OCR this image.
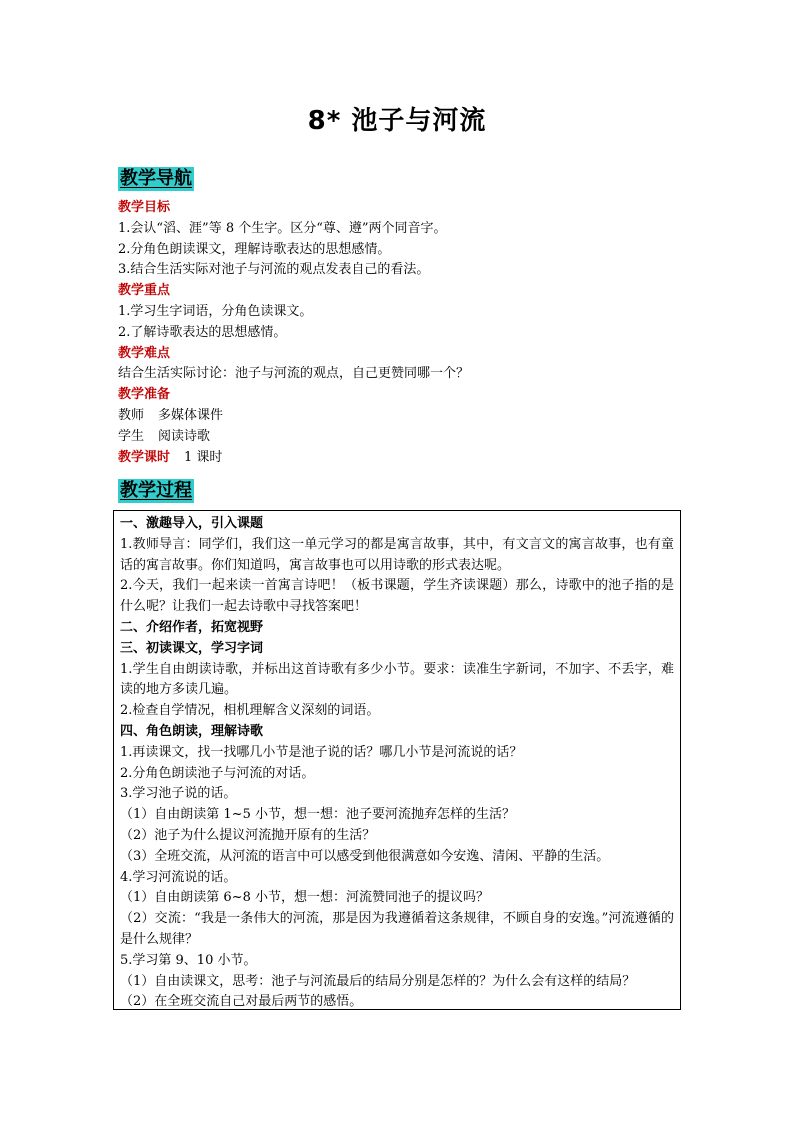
8* 池子与河流
教学导航
教学目标
1.会认“滔、涯”等 8 个生字。区分“尊、遵”两个同音字。
2.分角色朗读课文，理解诗歌表达的思想感情。
3.结合生活实际对池子与河流的观点发表自己的看法。
教学重点
1.学习生字词语，分角色读课文。
2.了解诗歌表达的思想感情。
教学难点
结合生活实际讨论：池子与河流的观点，自己更赞同哪一个？
教学准备
教师 多媒体课件
学生 阅读诗歌
教学课时 1 课时
教学过程
一、激趣导入，引入课题
1.教师导言：同学们，我们这一单元学习的都是寓言故事，其中，有文言文的寓言故事，也有童话的寓言故事。你们知道吗，寓言故事也可以用诗歌的形式表达呢。
2.今天，我们一起来读一首寓言诗吧！（板书课题，学生齐读课题）那么，诗歌中的池子指的是什么呢？让我们一起去诗歌中寻找答案吧！
二、介绍作者，拓宽视野
三、初读课文，学习字词
1.学生自由朗读诗歌，并标出这首诗歌有多少小节。要求：读准生字新词，不加字、不丢字，难读的地方多读几遍。
2.检查自学情况，相机理解含义深刻的词语。
四、角色朗读，理解诗歌
1.再读课文，找一找哪几小节是池子说的话？哪几小节是河流说的话？
2.分角色朗读池子与河流的对话。
3.学习池子说的话。
（1）自由朗读第 1~5 小节，想一想：池子要河流抛弃怎样的生活？
（2）池子为什么提议河流抛开原有的生活？
（3）全班交流，从河流的语言中可以感受到他很满意如今安逸、清闲、平静的生活。
4.学习河流说的话。
（1）自由朗读第 6~8 小节，想一想：河流赞同池子的提议吗？
（2）交流：“我是一条伟大的河流，那是因为我遵循着这条规律，不顾自身的安逸。”河流遵循的是什么规律？
5.学习第 9、10 小节。
（1）自由读课文，思考：池子与河流最后的结局分别是怎样的？为什么会有这样的结局？
（2）在全班交流自己对最后两节的感悟。
